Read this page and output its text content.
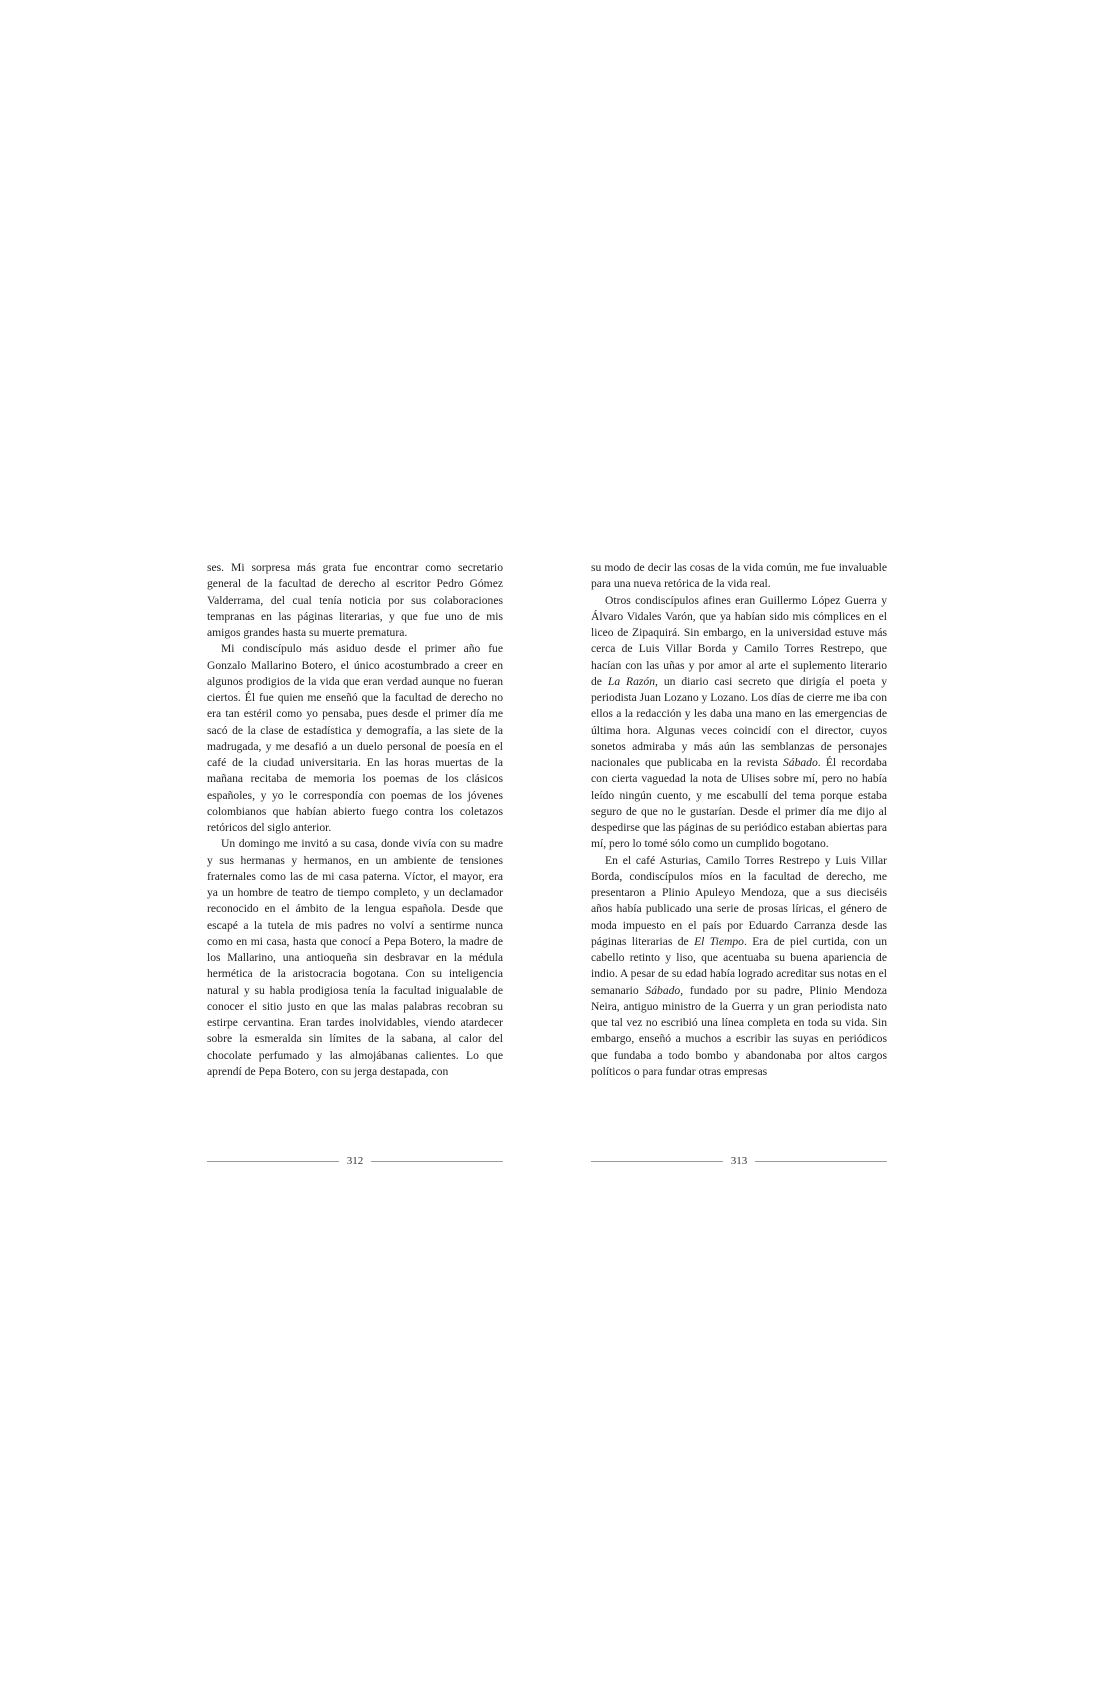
ses. Mi sorpresa más grata fue encontrar como secretario general de la facultad de derecho al escritor Pedro Gómez Valderrama, del cual tenía noticia por sus colaboraciones tempranas en las páginas literarias, y que fue uno de mis amigos grandes hasta su muerte prematura.

Mi condiscípulo más asiduo desde el primer año fue Gonzalo Mallarino Botero, el único acostumbrado a creer en algunos prodigios de la vida que eran verdad aunque no fueran ciertos. Él fue quien me enseñó que la facultad de derecho no era tan estéril como yo pensaba, pues desde el primer día me sacó de la clase de estadística y demografía, a las siete de la madrugada, y me desafió a un duelo personal de poesía en el café de la ciudad universitaria. En las horas muertas de la mañana recitaba de memoria los poemas de los clásicos españoles, y yo le correspondía con poemas de los jóvenes colombianos que habían abierto fuego contra los coletazos retóricos del siglo anterior.

Un domingo me invitó a su casa, donde vivía con su madre y sus hermanas y hermanos, en un ambiente de tensiones fraternales como las de mi casa paterna. Víctor, el mayor, era ya un hombre de teatro de tiempo completo, y un declamador reconocido en el ámbito de la lengua española. Desde que escapé a la tutela de mis padres no volví a sentirme nunca como en mi casa, hasta que conocí a Pepa Botero, la madre de los Mallarino, una antioqueña sin desbravar en la médula hermética de la aristocracia bogotana. Con su inteligencia natural y su habla prodigiosa tenía la facultad inigualable de conocer el sitio justo en que las malas palabras recobran su estirpe cervantina. Eran tardes inolvidables, viendo atardecer sobre la esmeralda sin límites de la sabana, al calor del chocolate perfumado y las almojábanas calientes. Lo que aprendí de Pepa Botero, con su jerga destapada, con

312

su modo de decir las cosas de la vida común, me fue invaluable para una nueva retórica de la vida real.

Otros condiscípulos afines eran Guillermo López Guerra y Álvaro Vidales Varón, que ya habían sido mis cómplices en el liceo de Zipaquirá. Sin embargo, en la universidad estuve más cerca de Luis Villar Borda y Camilo Torres Restrepo, que hacían con las uñas y por amor al arte el suplemento literario de La Razón, un diario casi secreto que dirigía el poeta y periodista Juan Lozano y Lozano. Los días de cierre me iba con ellos a la redacción y les daba una mano en las emergencias de última hora. Algunas veces coincidí con el director, cuyos sonetos admiraba y más aún las semblanzas de personajes nacionales que publicaba en la revista Sábado. Él recordaba con cierta vaguedad la nota de Ulises sobre mí, pero no había leído ningún cuento, y me escabullí del tema porque estaba seguro de que no le gustarían. Desde el primer día me dijo al despedirse que las páginas de su periódico estaban abiertas para mí, pero lo tomé sólo como un cumplido bogotano.

En el café Asturias, Camilo Torres Restrepo y Luis Villar Borda, condiscípulos míos en la facultad de derecho, me presentaron a Plinio Apuleyo Mendoza, que a sus dieciséis años había publicado una serie de prosas líricas, el género de moda impuesto en el país por Eduardo Carranza desde las páginas literarias de El Tiempo. Era de piel curtida, con un cabello retinto y liso, que acentuaba su buena apariencia de indio. A pesar de su edad había logrado acreditar sus notas en el semanario Sábado, fundado por su padre, Plinio Mendoza Neira, antiguo ministro de la Guerra y un gran periodista nato que tal vez no escribió una línea completa en toda su vida. Sin embargo, enseñó a muchos a escribir las suyas en periódicos que fundaba a todo bombo y abandonaba por altos cargos políticos o para fundar otras empresas

313
